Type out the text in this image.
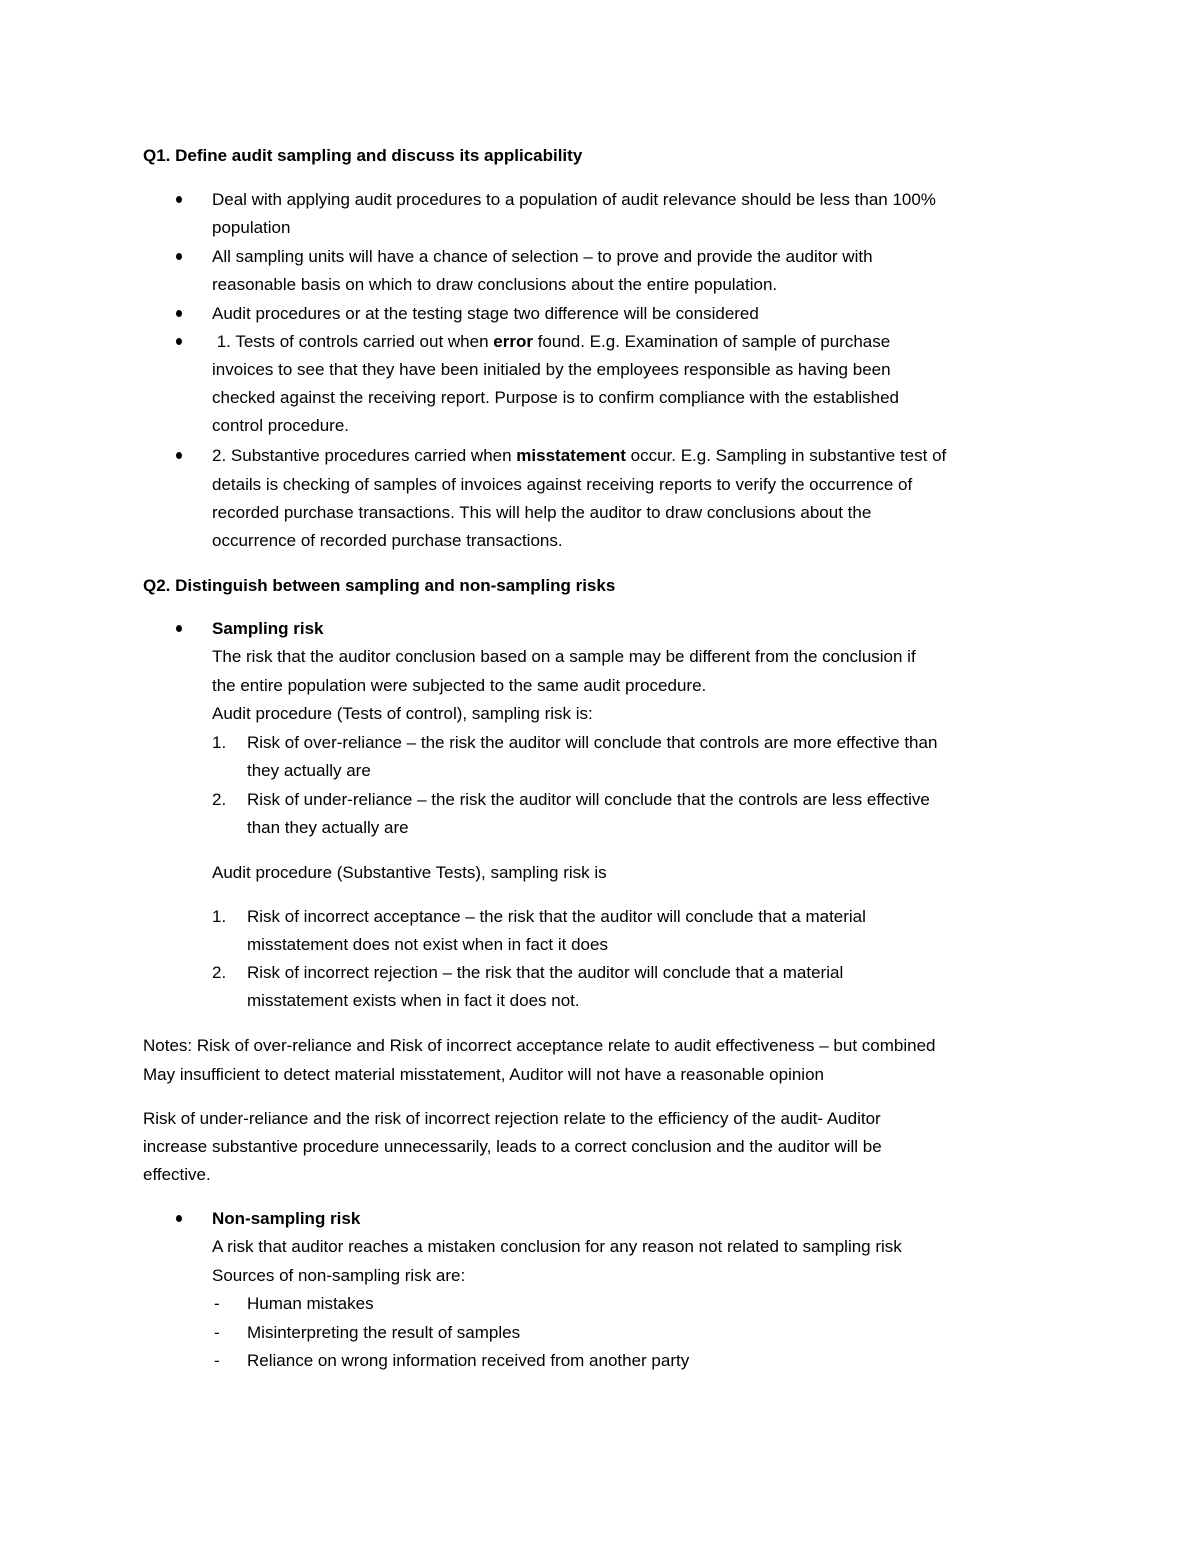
Q1. Define audit sampling and discuss its applicability
Deal with applying audit procedures to a population of audit relevance should be less than 100%
population
All sampling units will have a chance of selection – to prove and provide the auditor with
reasonable basis on which to draw conclusions about the entire population.
Audit procedures or at the testing stage two difference will be considered
1. Tests of controls carried out when error found. E.g. Examination of sample of purchase
invoices to see that they have been initialed by the employees responsible as having been
checked against the receiving report. Purpose is to confirm compliance with the established
control procedure.
2. Substantive procedures carried when misstatement occur. E.g. Sampling in substantive test of
details is checking of samples of invoices against receiving reports to verify the occurrence of
recorded purchase transactions. This will help the auditor to draw conclusions about the
occurrence of recorded purchase transactions.
Q2. Distinguish between sampling and non-sampling risks
Sampling risk
The risk that the auditor conclusion based on a sample may be different from the conclusion if
the entire population were subjected to the same audit procedure.
Audit procedure (Tests of control), sampling risk is:
1. Risk of over-reliance – the risk the auditor will conclude that controls are more effective than
they actually are
2. Risk of under-reliance – the risk the auditor will conclude that the controls are less effective
than they actually are
Audit procedure (Substantive Tests), sampling risk is
1. Risk of incorrect acceptance – the risk that the auditor will conclude that a material
misstatement does not exist when in fact it does
2. Risk of incorrect rejection – the risk that the auditor will conclude that a material
misstatement exists when in fact it does not.
Notes: Risk of over-reliance and Risk of incorrect acceptance relate to audit effectiveness – but combined
May insufficient to detect material misstatement, Auditor will not have a reasonable opinion
Risk of under-reliance and the risk of incorrect rejection relate to the efficiency of the audit- Auditor
increase substantive procedure unnecessarily, leads to a correct conclusion and the auditor will be
effective.
Non-sampling risk
A risk that auditor reaches a mistaken conclusion for any reason not related to sampling risk
Sources of non-sampling risk are:
- Human mistakes
- Misinterpreting the result of samples
- Reliance on wrong information received from another party
